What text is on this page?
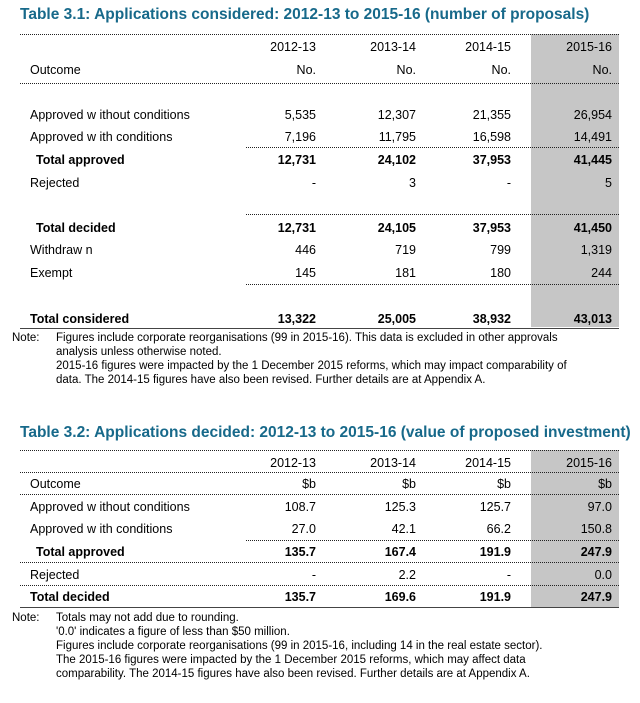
Table 3.1: Applications considered: 2012-13 to 2015-16 (number of proposals)
2012-13	2013-14	2014-15	2015-16
Outcome	No.	No.	No.	No.
Approved w ithout conditions	5,535	12,307	21,355	26,954
Approved w ith conditions	7,196	11,795	16,598	14,491
Total approved	12,731	24,102	37,953	41,445
Rejected	-	3	-	5
Total decided	12,731	24,105	37,953	41,450
Withdraw n	446	719	799	1,319
Exempt	145	181	180	244
Total considered	13,322	25,005	38,932	43,013
Note: Figures include corporate reorganisations (99 in 2015-16). This data is excluded in other approvals
analysis unless otherwise noted.
2015-16 figures were impacted by the 1 December 2015 reforms, which may impact comparability of
data. The 2014-15 figures have also been revised. Further details are at Appendix A.
Table 3.2: Applications decided: 2012-13 to 2015-16 (value of proposed investment)
2012-13	2013-14	2014-15	2015-16
Outcome	$b	$b	$b	$b
Approved w ithout conditions	108.7	125.3	125.7	97.0
Approved w ith conditions	27.0	42.1	66.2	150.8
Total approved	135.7	167.4	191.9	247.9
Rejected	-	2.2	-	0.0
Total decided	135.7	169.6	191.9	247.9
Note: Totals may not add due to rounding.
'0.0' indicates a figure of less than $50 million.
Figures include corporate reorganisations (99 in 2015-16, including 14 in the real estate sector).
The 2015-16 figures were impacted by the 1 December 2015 reforms, which may affect data
comparability. The 2014-15 figures have also been revised. Further details are at Appendix A.
